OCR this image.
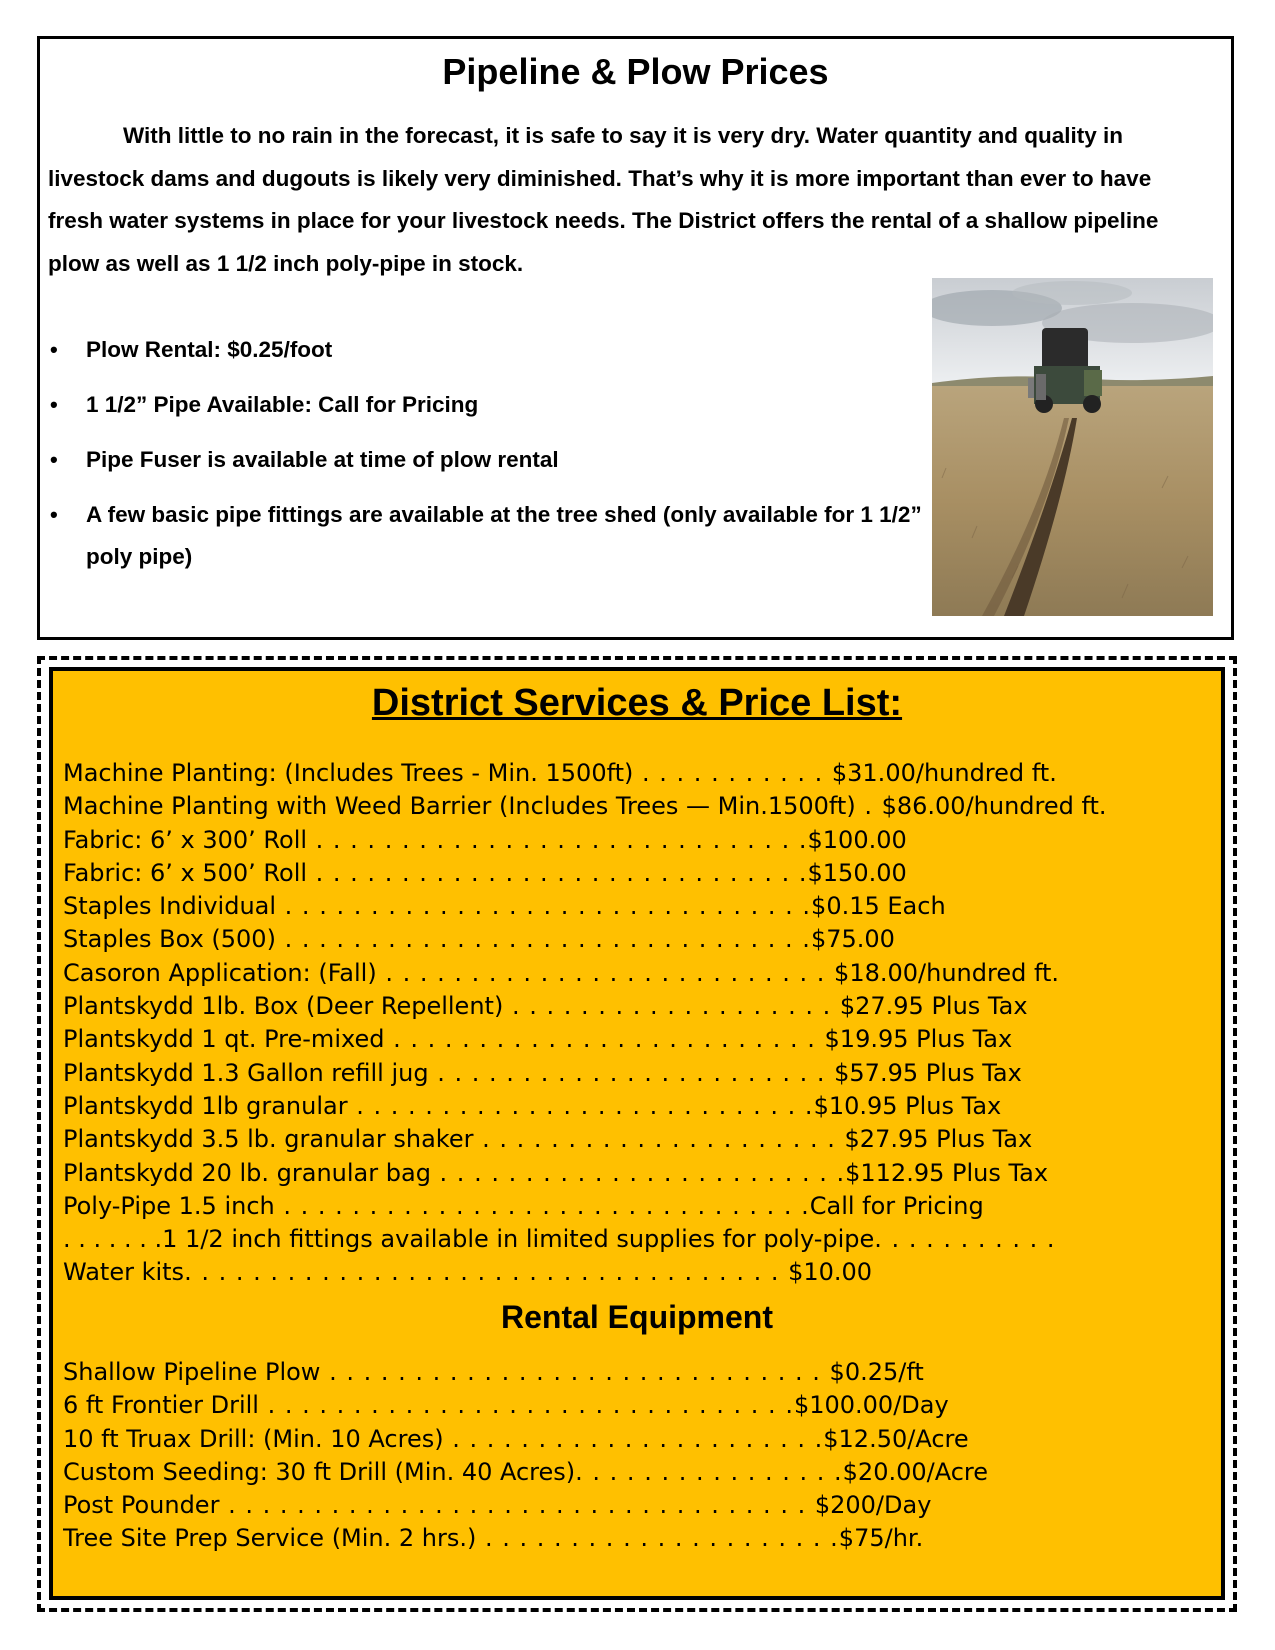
Pipeline & Plow Prices

With little to no rain in the forecast, it is safe to say it is very dry. Water quantity and quality in livestock dams and dugouts is likely very diminished. That’s why it is more important than ever to have fresh water systems in place for your livestock needs. The District offers the rental of a shallow pipeline plow as well as 1 1/2 inch poly-pipe in stock.

• Plow Rental: $0.25/foot
• 1 1/2” Pipe Available: Call for Pricing
• Pipe Fuser is available at time of plow rental
• A few basic pipe fittings are available at the tree shed (only available for 1 1/2” poly pipe)
District Services & Price List:
Machine Planting: (Includes Trees - Min. 1500ft) . . . . . . . . . . . $31.00/hundred ft.
Machine Planting with Weed Barrier (Includes Trees — Min.1500ft) . $86.00/hundred ft.
Fabric: 6’ x 300’ Roll . . . . . . . . . . . . . . . . . . . . . . . . . . . . .$100.00
Fabric: 6’ x 500’ Roll . . . . . . . . . . . . . . . . . . . . . . . . . . . . .$150.00
Staples Individual . . . . . . . . . . . . . . . . . . . . . . . . . . . . . . .$0.15 Each
Staples Box (500) . . . . . . . . . . . . . . . . . . . . . . . . . . . . . . .$75.00
Casoron Application: (Fall) . . . . . . . . . . . . . . . . . . . . . . . . . . $18.00/hundred ft.
Plantskydd 1lb. Box (Deer Repellent) . . . . . . . . . . . . . . . . . . . $27.95 Plus Tax
Plantskydd 1 qt. Pre-mixed . . . . . . . . . . . . . . . . . . . . . . . . . $19.95 Plus Tax
Plantskydd 1.3 Gallon refill jug . . . . . . . . . . . . . . . . . . . . . . . $57.95 Plus Tax
Plantskydd 1lb granular . . . . . . . . . . . . . . . . . . . . . . . . . . .$10.95 Plus Tax
Plantskydd 3.5 lb. granular shaker . . . . . . . . . . . . . . . . . . . . . $27.95 Plus Tax
Plantskydd 20 lb. granular bag . . . . . . . . . . . . . . . . . . . . . . . .$112.95 Plus Tax
Poly-Pipe 1.5 inch . . . . . . . . . . . . . . . . . . . . . . . . . . . . . . .Call for Pricing
. . . . . . .1 1/2 inch fittings available in limited supplies for poly-pipe. . . . . . . . . . .
Water kits. . . . . . . . . . . . . . . . . . . . . . . . . . . . . . . . . . . $10.00
Rental Equipment
Shallow Pipeline Plow . . . . . . . . . . . . . . . . . . . . . . . . . . . . . $0.25/ft
6 ft Frontier Drill . . . . . . . . . . . . . . . . . . . . . . . . . . . . . . .$100.00/Day
10 ft Truax Drill: (Min. 10 Acres) . . . . . . . . . . . . . . . . . . . . . .$12.50/Acre
Custom Seeding: 30 ft Drill (Min. 40 Acres). . . . . . . . . . . . . . . .$20.00/Acre
Post Pounder . . . . . . . . . . . . . . . . . . . . . . . . . . . . . . . . . . $200/Day
Tree Site Prep Service (Min. 2 hrs.) . . . . . . . . . . . . . . . . . . . . .$75/hr.
